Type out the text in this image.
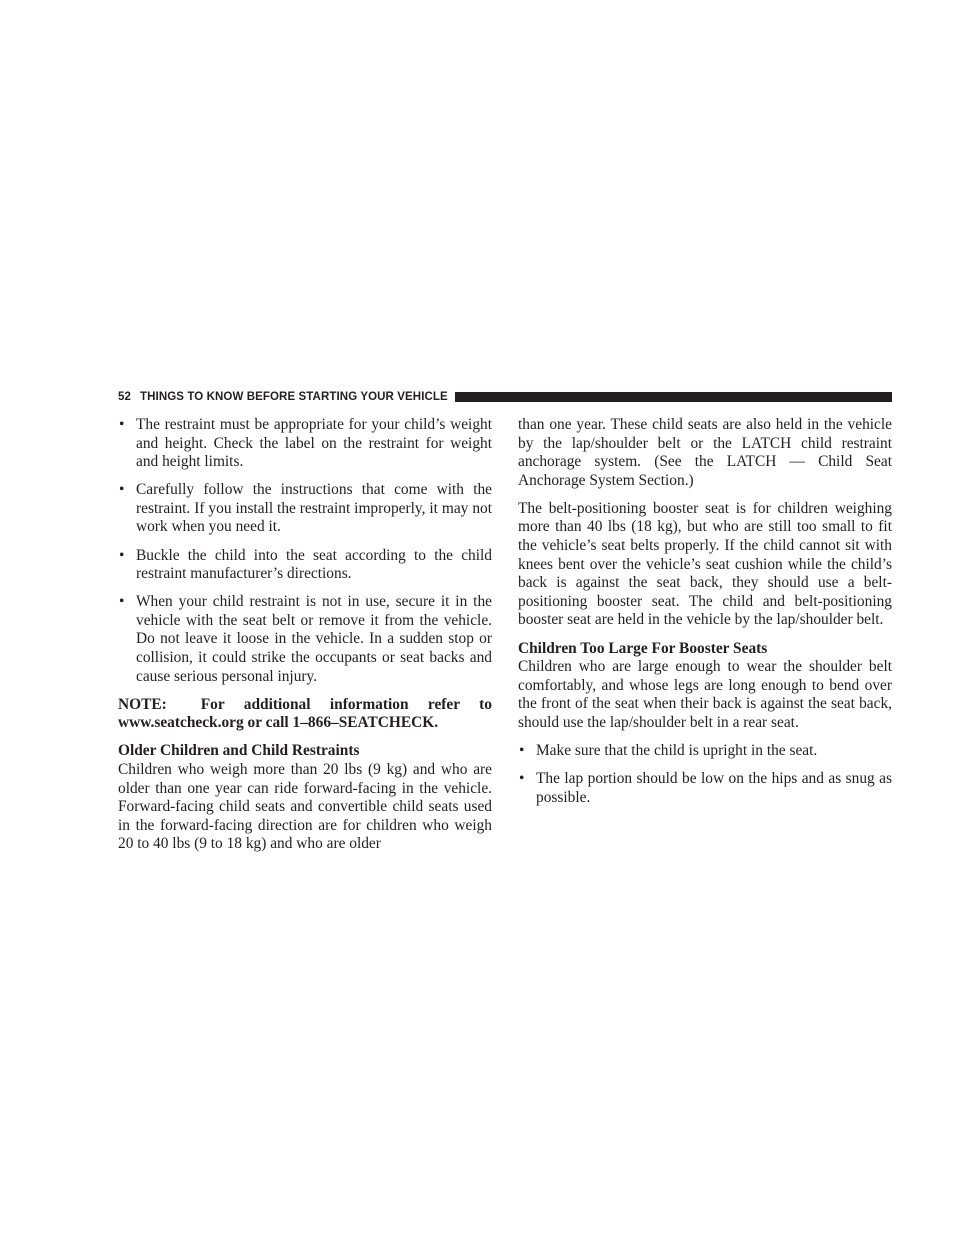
52 THINGS TO KNOW BEFORE STARTING YOUR VEHICLE
• The restraint must be appropriate for your child’s weight and height. Check the label on the restraint for weight and height limits.
• Carefully follow the instructions that come with the restraint. If you install the restraint improperly, it may not work when you need it.
• Buckle the child into the seat according to the child restraint manufacturer’s directions.
• When your child restraint is not in use, secure it in the vehicle with the seat belt or remove it from the vehicle. Do not leave it loose in the vehicle. In a sudden stop or collision, it could strike the occupants or seat backs and cause serious personal injury.

NOTE: For additional information refer to www.seatcheck.org or call 1–866–SEATCHECK.

Older Children and Child Restraints

Children who weigh more than 20 lbs (9 kg) and who are older than one year can ride forward-facing in the vehicle. Forward-facing child seats and convertible child seats used in the forward-facing direction are for children who weigh 20 to 40 lbs (9 to 18 kg) and who are older

than one year. These child seats are also held in the vehicle by the lap/shoulder belt or the LATCH child restraint anchorage system. (See the LATCH — Child Seat Anchorage System Section.)

The belt-positioning booster seat is for children weighing more than 40 lbs (18 kg), but who are still too small to fit the vehicle’s seat belts properly. If the child cannot sit with knees bent over the vehicle’s seat cushion while the child’s back is against the seat back, they should use a belt-positioning booster seat. The child and belt-positioning booster seat are held in the vehicle by the lap/shoulder belt.

Children Too Large For Booster Seats

Children who are large enough to wear the shoulder belt comfortably, and whose legs are long enough to bend over the front of the seat when their back is against the seat back, should use the lap/shoulder belt in a rear seat.

• Make sure that the child is upright in the seat.
• The lap portion should be low on the hips and as snug as possible.
